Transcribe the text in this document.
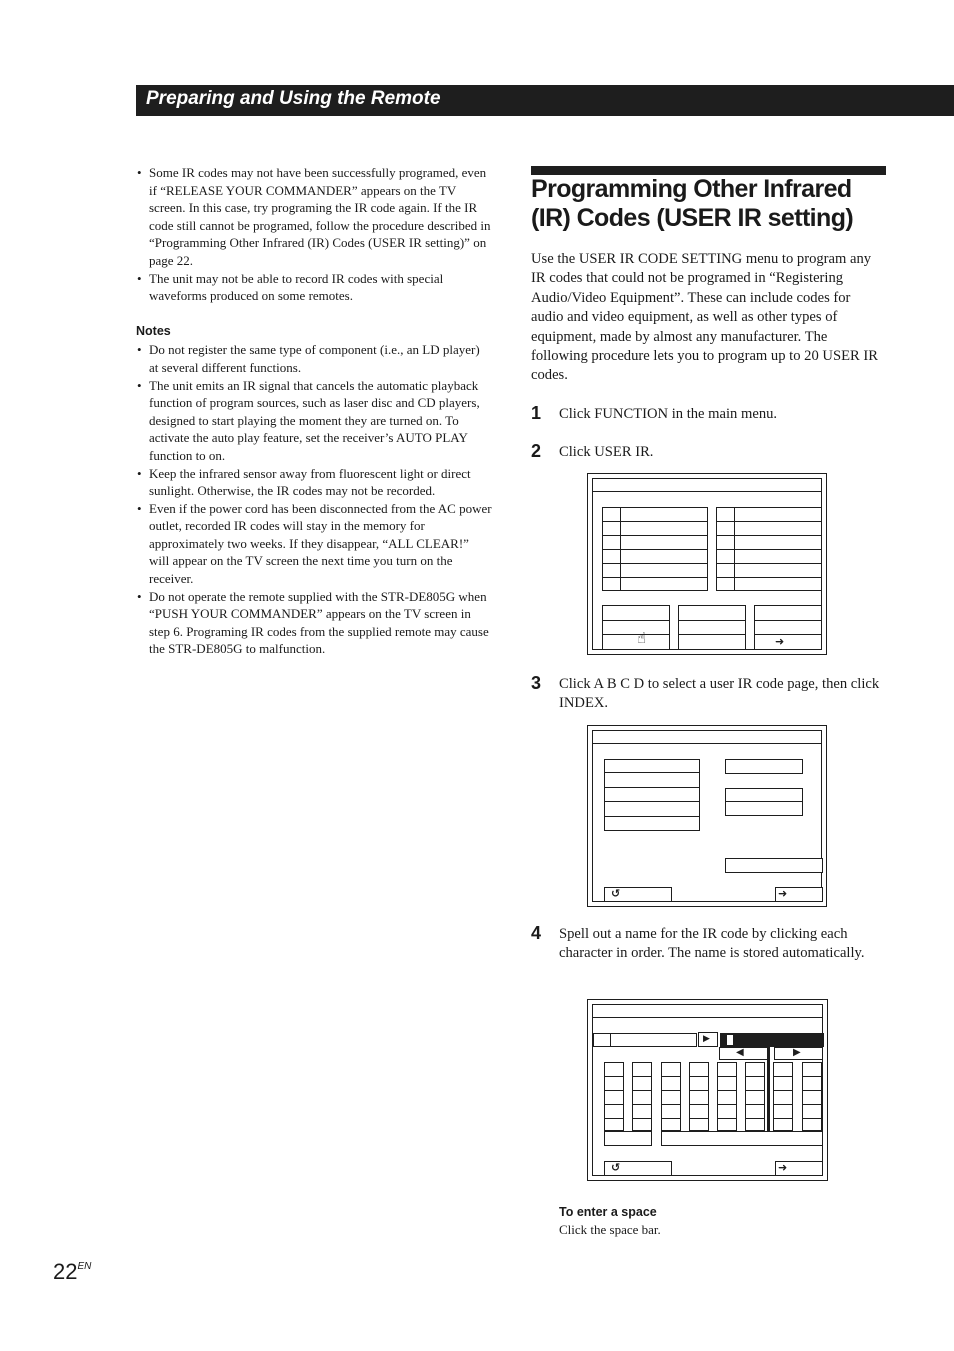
Preparing and Using the Remote
• Some IR codes may not have been successfully programed, even if “RELEASE YOUR COMMANDER” appears on the TV screen. In this case, try programing the IR code again. If the IR code still cannot be programed, follow the procedure described in “Programming Other Infrared (IR) Codes (USER IR setting)” on page 22.
• The unit may not be able to record IR codes with special waveforms produced on some remotes.
Notes
• Do not register the same type of component (i.e., an LD player) at several different functions.
• The unit emits an IR signal that cancels the automatic playback function of program sources, such as laser disc and CD players, designed to start playing the moment they are turned on. To activate the auto play feature, set the receiver’s AUTO PLAY function to on.
• Keep the infrared sensor away from fluorescent light or direct sunlight. Otherwise, the IR codes may not be recorded.
• Even if the power cord has been disconnected from the AC power outlet, recorded IR codes will stay in the memory for approximately two weeks. If they disappear, “ALL CLEAR!” will appear on the TV screen the next time you turn on the receiver.
• Do not operate the remote supplied with the STR-DE805G when “PUSH YOUR COMMANDER” appears on the TV screen in step 6. Programing IR codes from the supplied remote may cause the STR-DE805G to malfunction.
Programming Other Infrared (IR) Codes (USER IR setting)
Use the USER IR CODE SETTING menu to program any IR codes that could not be programed in “Registering Audio/Video Equipment”. These can include codes for audio and video equipment, as well as other types of equipment, made by almost any manufacturer. The following procedure lets you to program up to 20 USER IR codes.
1 Click FUNCTION in the main menu.
2 Click USER IR.
☝	➜
3 Click A B C D to select a user IR code page, then click INDEX.
↺	➜
4 Spell out a name for the IR code by clicking each character in order. The name is stored automatically.
▶
◀	▶
↺	➜
To enter a space
Click the space bar.
$22^{EN}$
